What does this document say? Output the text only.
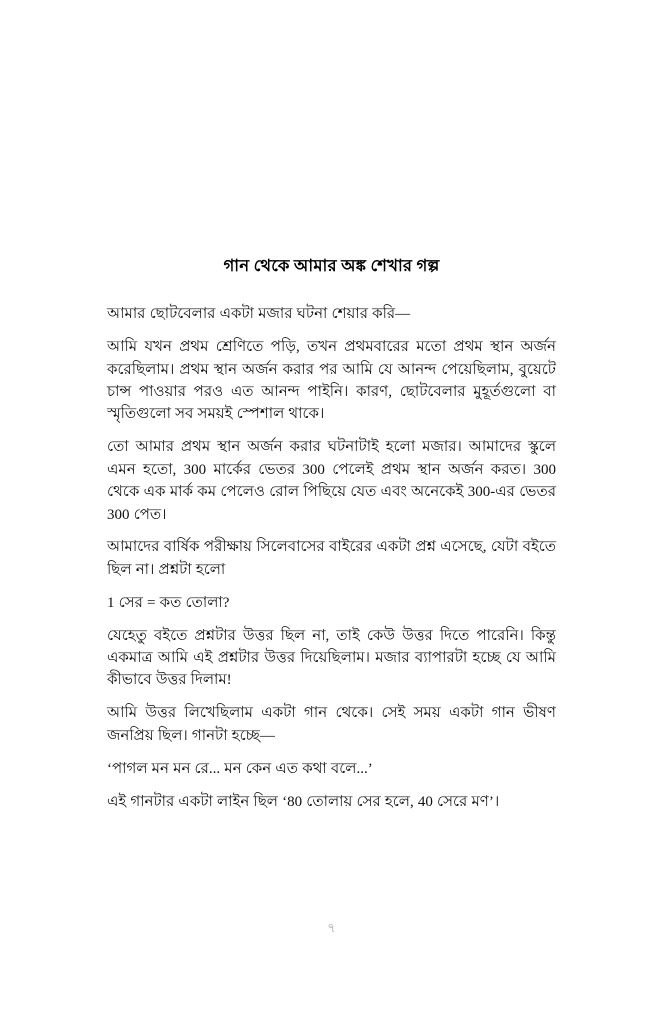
গান থেকে আমার অঙ্ক শেখার গল্প

আমার ছোটবেলার একটা মজার ঘটনা শেয়ার করি—

আমি যখন প্রথম শ্রেণিতে পড়ি, তখন প্রথমবারের মতো প্রথম স্থান অর্জন করেছিলাম। প্রথম স্থান অর্জন করার পর আমি যে আনন্দ পেয়েছিলাম, বুয়েটে চান্স পাওয়ার পরও এত আনন্দ পাইনি। কারণ, ছোটবেলার মুহূর্তগুলো বা স্মৃতিগুলো সব সময়ই স্পেশাল থাকে।

তো আমার প্রথম স্থান অর্জন করার ঘটনাটাই হলো মজার। আমাদের স্কুলে এমন হতো, 300 মার্কের ভেতর 300 পেলেই প্রথম স্থান অর্জন করত। 300 থেকে এক মার্ক কম পেলেও রোল পিছিয়ে যেত এবং অনেকেই 300-এর ভেতর 300 পেত।

আমাদের বার্ষিক পরীক্ষায় সিলেবাসের বাইরের একটা প্রশ্ন এসেছে, যেটা বইতে ছিল না। প্রশ্নটা হলো

1 সের = কত তোলা?

যেহেতু বইতে প্রশ্নটার উত্তর ছিল না, তাই কেউ উত্তর দিতে পারেনি। কিন্তু একমাত্র আমি এই প্রশ্নটার উত্তর দিয়েছিলাম। মজার ব্যাপারটা হচ্ছে যে আমি কীভাবে উত্তর দিলাম!

আমি উত্তর লিখেছিলাম একটা গান থেকে। সেই সময় একটা গান ভীষণ জনপ্রিয় ছিল। গানটা হচ্ছে—

‘পাগল মন মন রে... মন কেন এত কথা বলে...’

এই গানটার একটা লাইন ছিল ‘80 তোলায় সের হলে, 40 সেরে মণ’।

৭
